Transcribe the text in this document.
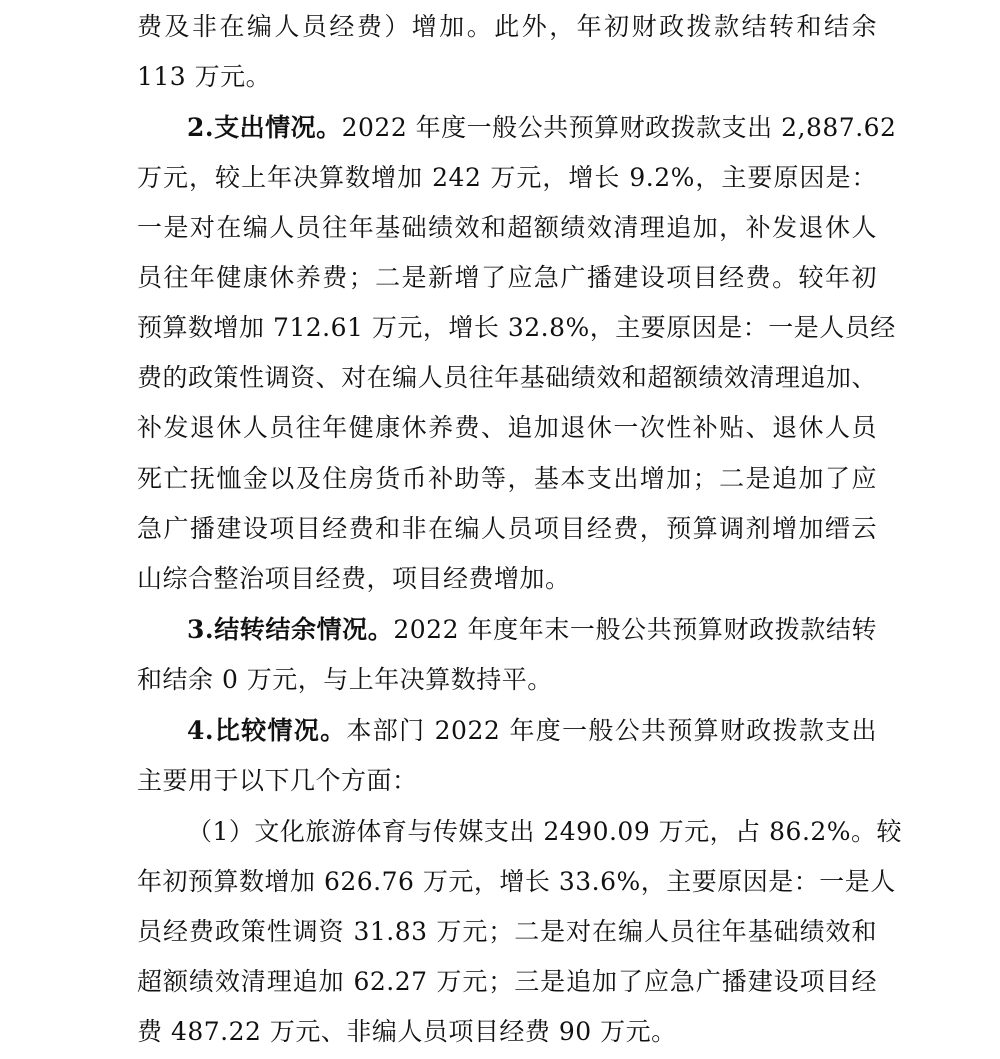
费及非在编人员经费）增加。此外，年初财政拨款结转和结余
113 万元。
2.支出情况。2022 年度一般公共预算财政拨款支出 2,887.62
万元，较上年决算数增加 242 万元，增长 9.2%，主要原因是：
一是对在编人员往年基础绩效和超额绩效清理追加，补发退休人
员往年健康休养费；二是新增了应急广播建设项目经费。较年初
预算数增加 712.61 万元，增长 32.8%，主要原因是：一是人员经
费的政策性调资、对在编人员往年基础绩效和超额绩效清理追加、
补发退休人员往年健康休养费、追加退休一次性补贴、退休人员
死亡抚恤金以及住房货币补助等，基本支出增加；二是追加了应
急广播建设项目经费和非在编人员项目经费，预算调剂增加缙云
山综合整治项目经费，项目经费增加。
3.结转结余情况。2022 年度年末一般公共预算财政拨款结转
和结余 0 万元，与上年决算数持平。
4.比较情况。本部门 2022 年度一般公共预算财政拨款支出
主要用于以下几个方面：
（1）文化旅游体育与传媒支出 2490.09 万元，占 86.2%。较
年初预算数增加 626.76 万元，增长 33.6%，主要原因是：一是人
员经费政策性调资 31.83 万元；二是对在编人员往年基础绩效和
超额绩效清理追加 62.27 万元；三是追加了应急广播建设项目经
费 487.22 万元、非编人员项目经费 90 万元。
